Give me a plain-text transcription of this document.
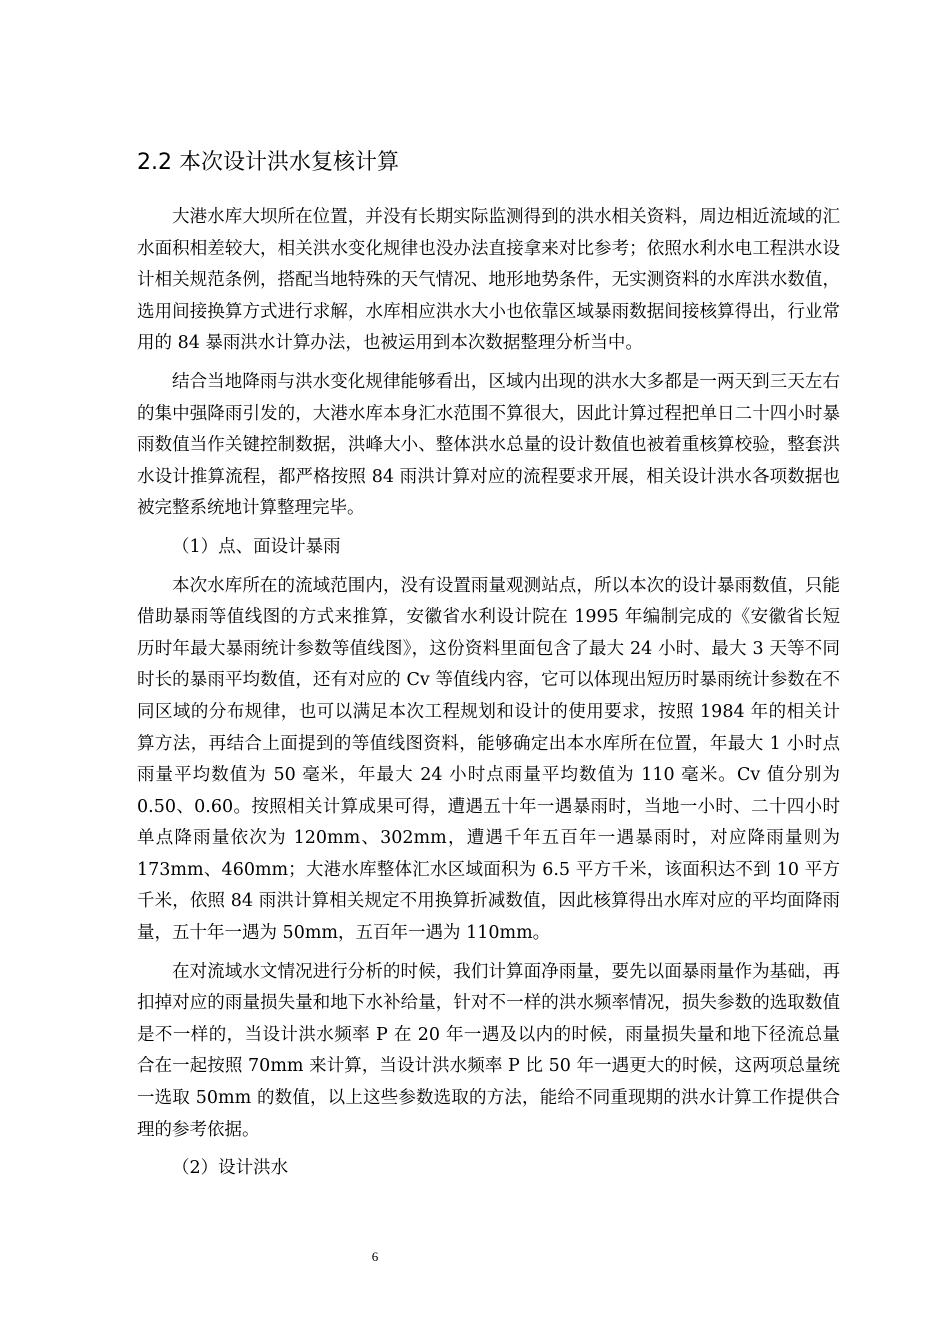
2.2 本次设计洪水复核计算

大港水库大坝所在位置，并没有长期实际监测得到的洪水相关资料，周边相近流域的汇水面积相差较大，相关洪水变化规律也没办法直接拿来对比参考；依照水利水电工程洪水设计相关规范条例，搭配当地特殊的天气情况、地形地势条件，无实测资料的水库洪水数值，选用间接换算方式进行求解，水库相应洪水大小也依靠区域暴雨数据间接核算得出，行业常用的 84 暴雨洪水计算办法，也被运用到本次数据整理分析当中。

结合当地降雨与洪水变化规律能够看出，区域内出现的洪水大多都是一两天到三天左右的集中强降雨引发的，大港水库本身汇水范围不算很大，因此计算过程把单日二十四小时暴雨数值当作关键控制数据，洪峰大小、整体洪水总量的设计数值也被着重核算校验，整套洪水设计推算流程，都严格按照 84 雨洪计算对应的流程要求开展，相关设计洪水各项数据也被完整系统地计算整理完毕。

（1）点、面设计暴雨

本次水库所在的流域范围内，没有设置雨量观测站点，所以本次的设计暴雨数值，只能借助暴雨等值线图的方式来推算，安徽省水利设计院在 1995 年编制完成的《安徽省长短历时年最大暴雨统计参数等值线图》，这份资料里面包含了最大 24 小时、最大 3 天等不同时长的暴雨平均数值，还有对应的 Cv 等值线内容，它可以体现出短历时暴雨统计参数在不同区域的分布规律，也可以满足本次工程规划和设计的使用要求，按照 1984 年的相关计算方法，再结合上面提到的等值线图资料，能够确定出本水库所在位置，年最大 1 小时点雨量平均数值为 50 毫米，年最大 24 小时点雨量平均数值为 110 毫米。Cv 值分别为 0.50、0.60。按照相关计算成果可得，遭遇五十年一遇暴雨时，当地一小时、二十四小时单点降雨量依次为 120mm、302mm，遭遇千年五百年一遇暴雨时，对应降雨量则为 173mm、460mm；大港水库整体汇水区域面积为 6.5 平方千米，该面积达不到 10 平方千米，依照 84 雨洪计算相关规定不用换算折减数值，因此核算得出水库对应的平均面降雨量，五十年一遇为 50mm，五百年一遇为 110mm。

在对流域水文情况进行分析的时候，我们计算面净雨量，要先以面暴雨量作为基础，再扣掉对应的雨量损失量和地下水补给量，针对不一样的洪水频率情况，损失参数的选取数值是不一样的，当设计洪水频率 P 在 20 年一遇及以内的时候，雨量损失量和地下径流总量合在一起按照 70mm 来计算，当设计洪水频率 P 比 50 年一遇更大的时候，这两项总量统一选取 50mm 的数值，以上这些参数选取的方法，能给不同重现期的洪水计算工作提供合理的参考依据。

（2）设计洪水
6
